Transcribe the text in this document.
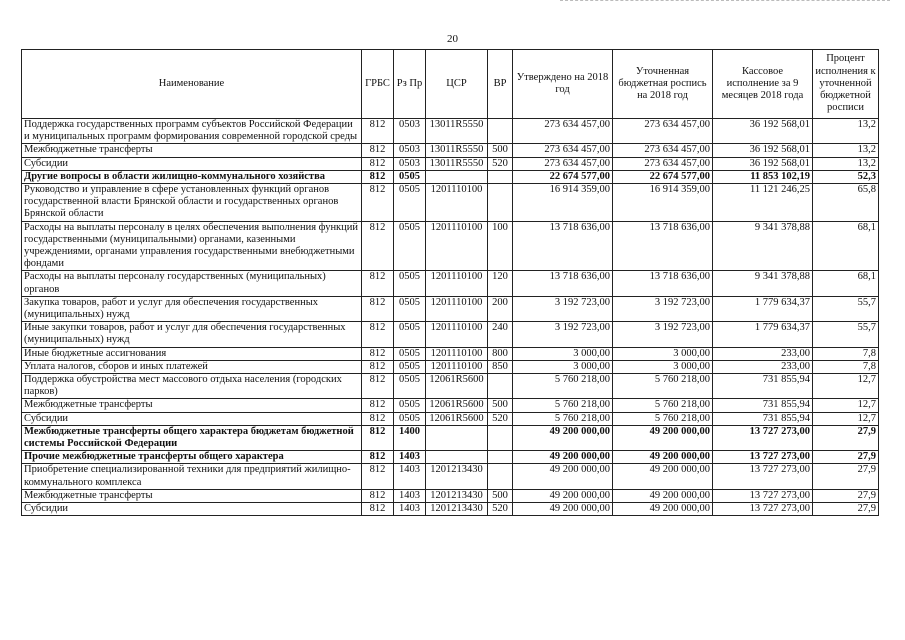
20
Наименование	ГРБС	Рз Пр	ЦСР	ВР	Утверждено на 2018 год	Уточненная бюджетная роспись на 2018 год	Кассовое исполнение за 9 месяцев 2018 года	Процент исполнения к уточненной бюджетной росписи
Поддержка государственных программ субъектов Российской Федерации и муниципальных программ формирования современной городской среды	812	0503	13011R5550		273 634 457,00	273 634 457,00	36 192 568,01	13,2
Межбюджетные трансферты	812	0503	13011R5550	500	273 634 457,00	273 634 457,00	36 192 568,01	13,2
Субсидии	812	0503	13011R5550	520	273 634 457,00	273 634 457,00	36 192 568,01	13,2
Другие вопросы в области жилищно-коммунального хозяйства	812	0505			22 674 577,00	22 674 577,00	11 853 102,19	52,3
Руководство и управление в сфере установленных функций органов государственной власти Брянской области и государственных органов Брянской области	812	0505	1201110100		16 914 359,00	16 914 359,00	11 121 246,25	65,8
Расходы на выплаты персоналу в целях обеспечения выполнения функций государственными (муниципальными) органами, казенными учреждениями, органами управления государственными внебюджетными фондами	812	0505	1201110100	100	13 718 636,00	13 718 636,00	9 341 378,88	68,1
Расходы на выплаты персоналу государственных (муниципальных) органов	812	0505	1201110100	120	13 718 636,00	13 718 636,00	9 341 378,88	68,1
Закупка товаров, работ и услуг для обеспечения государственных (муниципальных) нужд	812	0505	1201110100	200	3 192 723,00	3 192 723,00	1 779 634,37	55,7
Иные закупки товаров, работ и услуг для обеспечения государственных (муниципальных) нужд	812	0505	1201110100	240	3 192 723,00	3 192 723,00	1 779 634,37	55,7
Иные бюджетные ассигнования	812	0505	1201110100	800	3 000,00	3 000,00	233,00	7,8
Уплата налогов, сборов и иных платежей	812	0505	1201110100	850	3 000,00	3 000,00	233,00	7,8
Поддержка обустройства мест массового отдыха населения (городских парков)	812	0505	12061R5600		5 760 218,00	5 760 218,00	731 855,94	12,7
Межбюджетные трансферты	812	0505	12061R5600	500	5 760 218,00	5 760 218,00	731 855,94	12,7
Субсидии	812	0505	12061R5600	520	5 760 218,00	5 760 218,00	731 855,94	12,7
Межбюджетные трансферты общего характера бюджетам бюджетной системы Российской Федерации	812	1400			49 200 000,00	49 200 000,00	13 727 273,00	27,9
Прочие межбюджетные трансферты общего характера	812	1403			49 200 000,00	49 200 000,00	13 727 273,00	27,9
Приобретение специализированной техники для предприятий жилищно-коммунального комплекса	812	1403	1201213430		49 200 000,00	49 200 000,00	13 727 273,00	27,9
Межбюджетные трансферты	812	1403	1201213430	500	49 200 000,00	49 200 000,00	13 727 273,00	27,9
Субсидии	812	1403	1201213430	520	49 200 000,00	49 200 000,00	13 727 273,00	27,9
